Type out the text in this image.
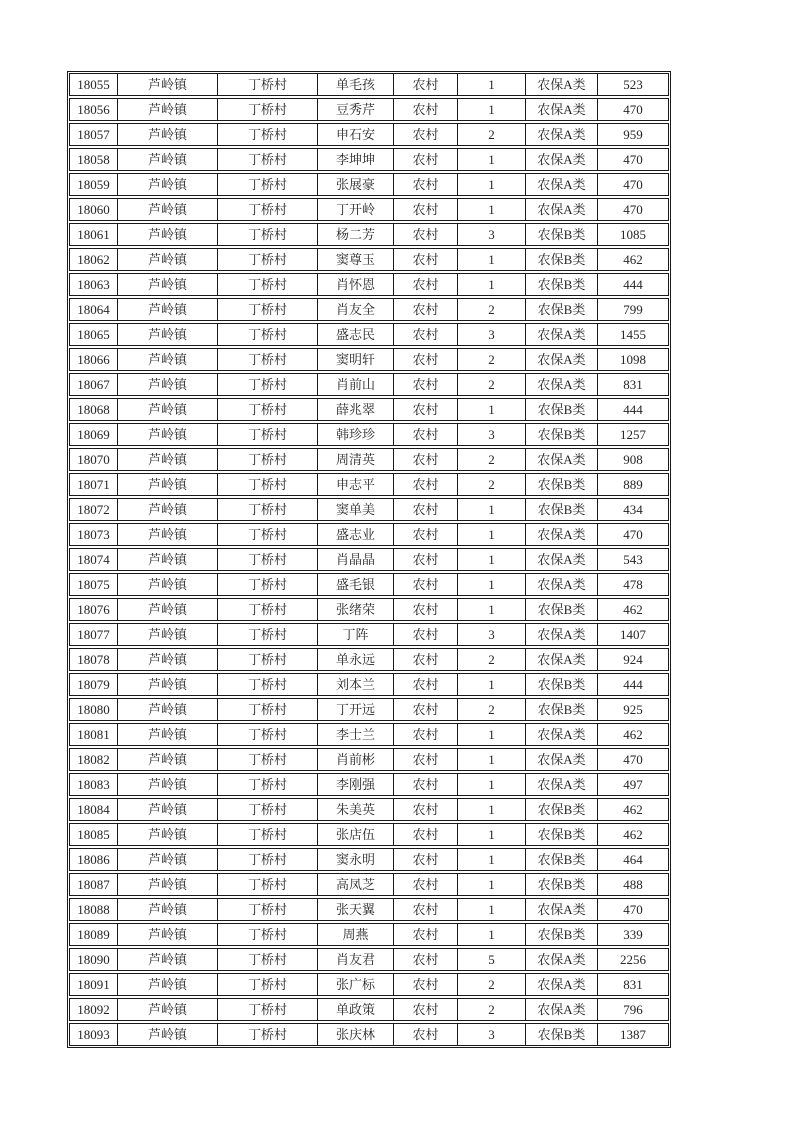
18055	芦岭镇	丁桥村	单毛孩	农村	1	农保A类	523
18056	芦岭镇	丁桥村	豆秀芹	农村	1	农保A类	470
18057	芦岭镇	丁桥村	申石安	农村	2	农保A类	959
18058	芦岭镇	丁桥村	李坤坤	农村	1	农保A类	470
18059	芦岭镇	丁桥村	张展豪	农村	1	农保A类	470
18060	芦岭镇	丁桥村	丁开岭	农村	1	农保A类	470
18061	芦岭镇	丁桥村	杨二芳	农村	3	农保B类	1085
18062	芦岭镇	丁桥村	窦尊玉	农村	1	农保B类	462
18063	芦岭镇	丁桥村	肖怀恩	农村	1	农保B类	444
18064	芦岭镇	丁桥村	肖友全	农村	2	农保B类	799
18065	芦岭镇	丁桥村	盛志民	农村	3	农保A类	1455
18066	芦岭镇	丁桥村	窦明轩	农村	2	农保A类	1098
18067	芦岭镇	丁桥村	肖前山	农村	2	农保A类	831
18068	芦岭镇	丁桥村	薛兆翠	农村	1	农保B类	444
18069	芦岭镇	丁桥村	韩珍珍	农村	3	农保B类	1257
18070	芦岭镇	丁桥村	周清英	农村	2	农保A类	908
18071	芦岭镇	丁桥村	申志平	农村	2	农保B类	889
18072	芦岭镇	丁桥村	窦单美	农村	1	农保B类	434
18073	芦岭镇	丁桥村	盛志业	农村	1	农保A类	470
18074	芦岭镇	丁桥村	肖晶晶	农村	1	农保A类	543
18075	芦岭镇	丁桥村	盛毛银	农村	1	农保A类	478
18076	芦岭镇	丁桥村	张绪荣	农村	1	农保B类	462
18077	芦岭镇	丁桥村	丁阵	农村	3	农保A类	1407
18078	芦岭镇	丁桥村	单永远	农村	2	农保A类	924
18079	芦岭镇	丁桥村	刘本兰	农村	1	农保B类	444
18080	芦岭镇	丁桥村	丁开远	农村	2	农保B类	925
18081	芦岭镇	丁桥村	李士兰	农村	1	农保A类	462
18082	芦岭镇	丁桥村	肖前彬	农村	1	农保A类	470
18083	芦岭镇	丁桥村	李刚强	农村	1	农保A类	497
18084	芦岭镇	丁桥村	朱美英	农村	1	农保B类	462
18085	芦岭镇	丁桥村	张店伍	农村	1	农保B类	462
18086	芦岭镇	丁桥村	窦永明	农村	1	农保B类	464
18087	芦岭镇	丁桥村	高凤芝	农村	1	农保B类	488
18088	芦岭镇	丁桥村	张天翼	农村	1	农保A类	470
18089	芦岭镇	丁桥村	周燕	农村	1	农保B类	339
18090	芦岭镇	丁桥村	肖友君	农村	5	农保A类	2256
18091	芦岭镇	丁桥村	张广标	农村	2	农保A类	831
18092	芦岭镇	丁桥村	单政策	农村	2	农保A类	796
18093	芦岭镇	丁桥村	张庆林	农村	3	农保B类	1387
